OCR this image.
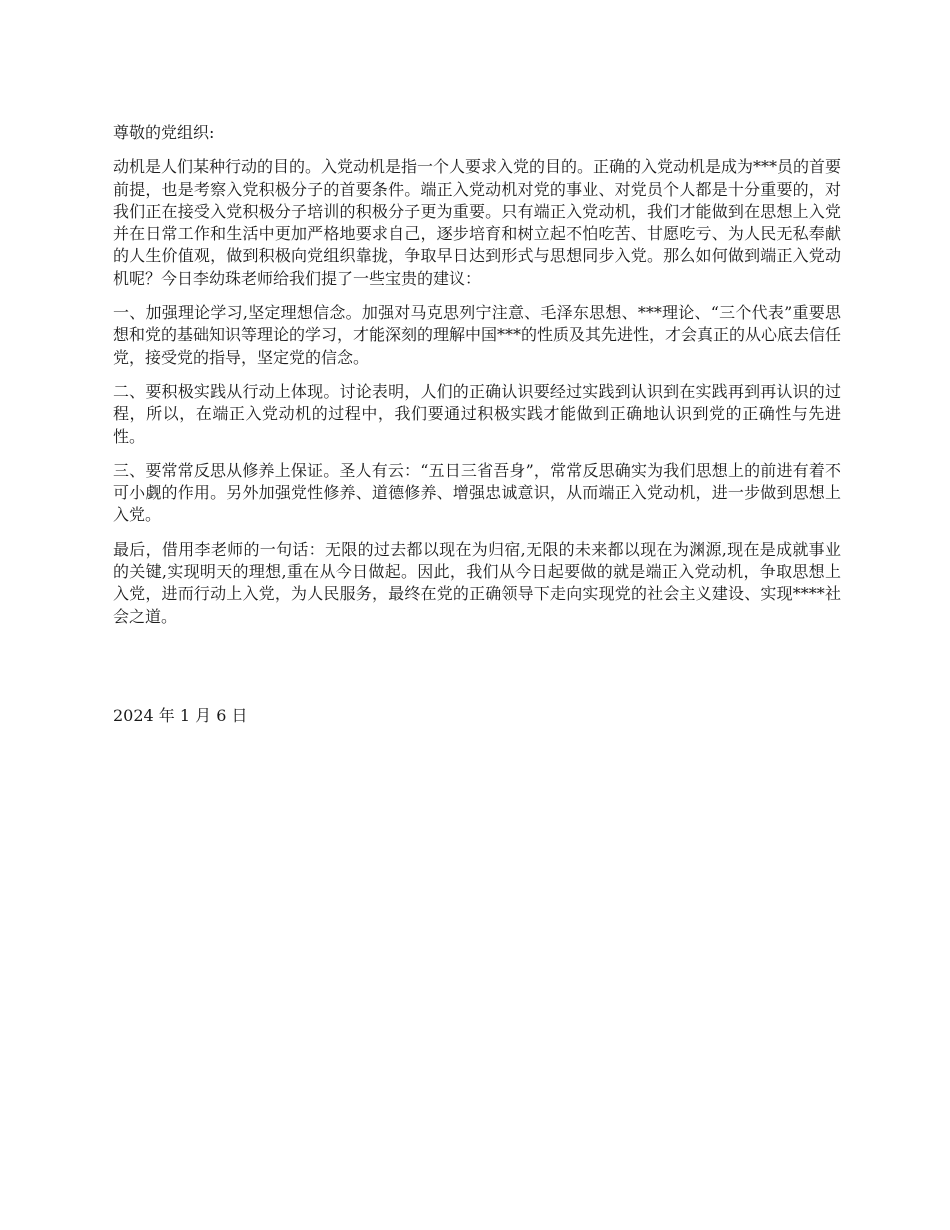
尊敬的党组织:

动机是人们某种行动的目的。入党动机是指一个人要求入党的目的。正确的入党动机是成为***员的首要前提，也是考察入党积极分子的首要条件。端正入党动机对党的事业、对党员个人都是十分重要的，对我们正在接受入党积极分子培训的积极分子更为重要。只有端正入党动机，我们才能做到在思想上入党并在日常工作和生活中更加严格地要求自己，逐步培育和树立起不怕吃苦、甘愿吃亏、为人民无私奉献的人生价值观，做到积极向党组织靠拢，争取早日达到形式与思想同步入党。那么如何做到端正入党动机呢？今日李幼珠老师给我们提了一些宝贵的建议：

一、加强理论学习,坚定理想信念。加强对马克思列宁注意、毛泽东思想、***理论、“三个代表”重要思想和党的基础知识等理论的学习，才能深刻的理解中国***的性质及其先进性，才会真正的从心底去信任党，接受党的指导，坚定党的信念。

二、要积极实践从行动上体现。讨论表明，人们的正确认识要经过实践到认识到在实践再到再认识的过程，所以，在端正入党动机的过程中，我们要通过积极实践才能做到正确地认识到党的正确性与先进性。

三、要常常反思从修养上保证。圣人有云：“五日三省吾身”，常常反思确实为我们思想上的前进有着不可小觑的作用。另外加强党性修养、道德修养、增强忠诚意识，从而端正入党动机，进一步做到思想上入党。

最后，借用李老师的一句话：无限的过去都以现在为归宿,无限的未来都以现在为渊源,现在是成就事业的关键,实现明天的理想,重在从今日做起。因此，我们从今日起要做的就是端正入党动机，争取思想上入党，进而行动上入党，为人民服务，最终在党的正确领导下走向实现党的社会主义建设、实现****社会之道。

2024 年 1 月 6 日
